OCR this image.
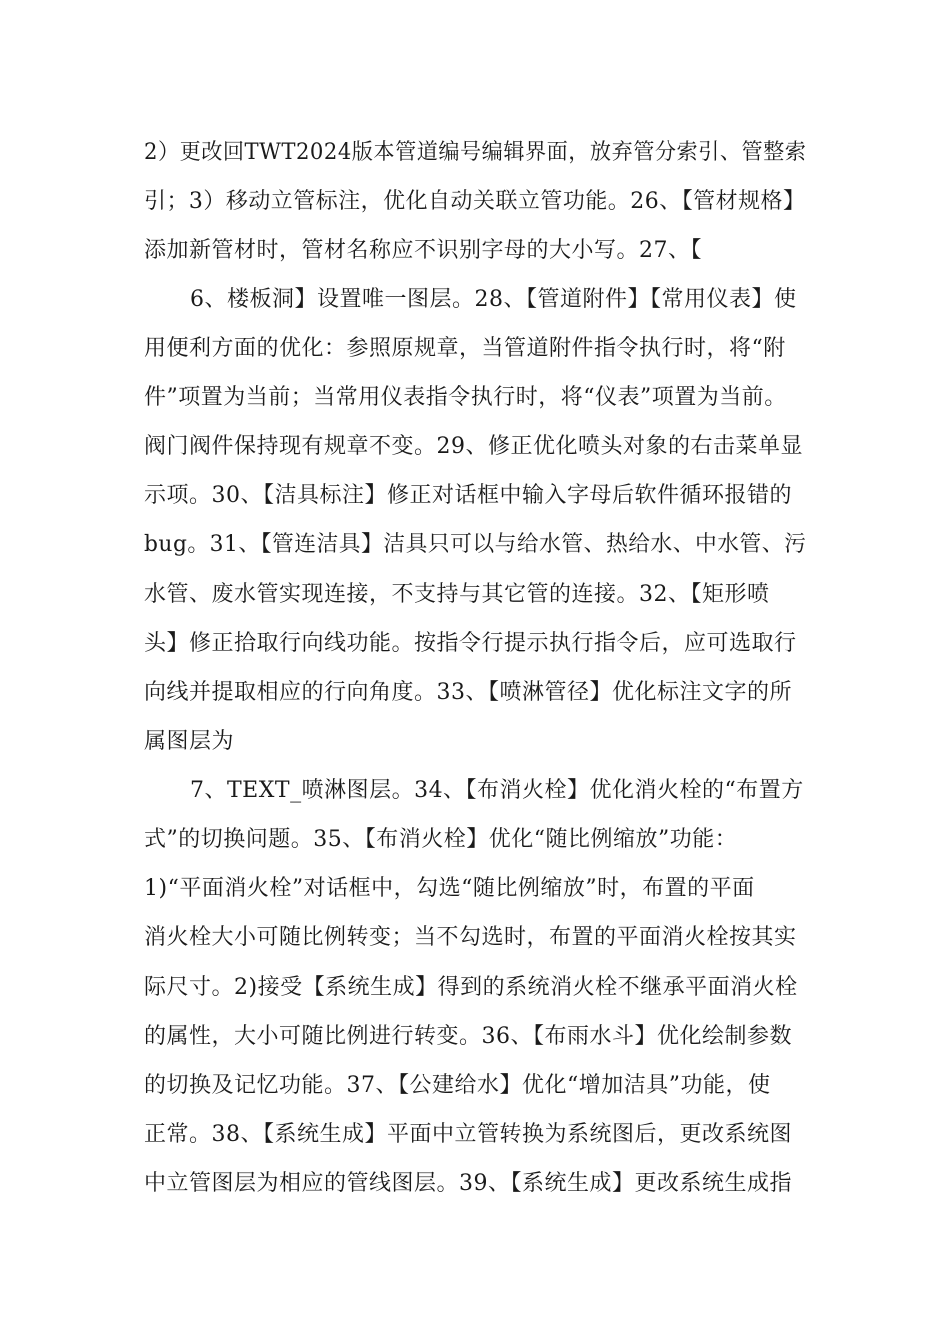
2）更改回TWT2024版本管道编号编辑界面，放弃管分索引、管整索
引；3）移动立管标注，优化自动关联立管功能。26、【管材规格】
添加新管材时，管材名称应不识别字母的大小写。27、【
6、楼板洞】设置唯一图层。28、【管道附件】【常用仪表】使
用便利方面的优化：参照原规章，当管道附件指令执行时，将“附
件”项置为当前；当常用仪表指令执行时，将“仪表”项置为当前。
阀门阀件保持现有规章不变。29、修正优化喷头对象的右击菜单显
示项。30、【洁具标注】修正对话框中输入字母后软件循环报错的
bug。31、【管连洁具】洁具只可以与给水管、热给水、中水管、污
水管、废水管实现连接，不支持与其它管的连接。32、【矩形喷
头】修正拾取行向线功能。按指令行提示执行指令后，应可选取行
向线并提取相应的行向角度。33、【喷淋管径】优化标注文字的所
属图层为
7、TEXT_喷淋图层。34、【布消火栓】优化消火栓的“布置方
式”的切换问题。35、【布消火栓】优化“随比例缩放”功能：
1)“平面消火栓”对话框中，勾选“随比例缩放”时，布置的平面
消火栓大小可随比例转变；当不勾选时，布置的平面消火栓按其实
际尺寸。2)接受【系统生成】得到的系统消火栓不继承平面消火栓
的属性，大小可随比例进行转变。36、【布雨水斗】优化绘制参数
的切换及记忆功能。37、【公建给水】优化“增加洁具”功能，使
正常。38、【系统生成】平面中立管转换为系统图后，更改系统图
中立管图层为相应的管线图层。39、【系统生成】更改系统生成指
